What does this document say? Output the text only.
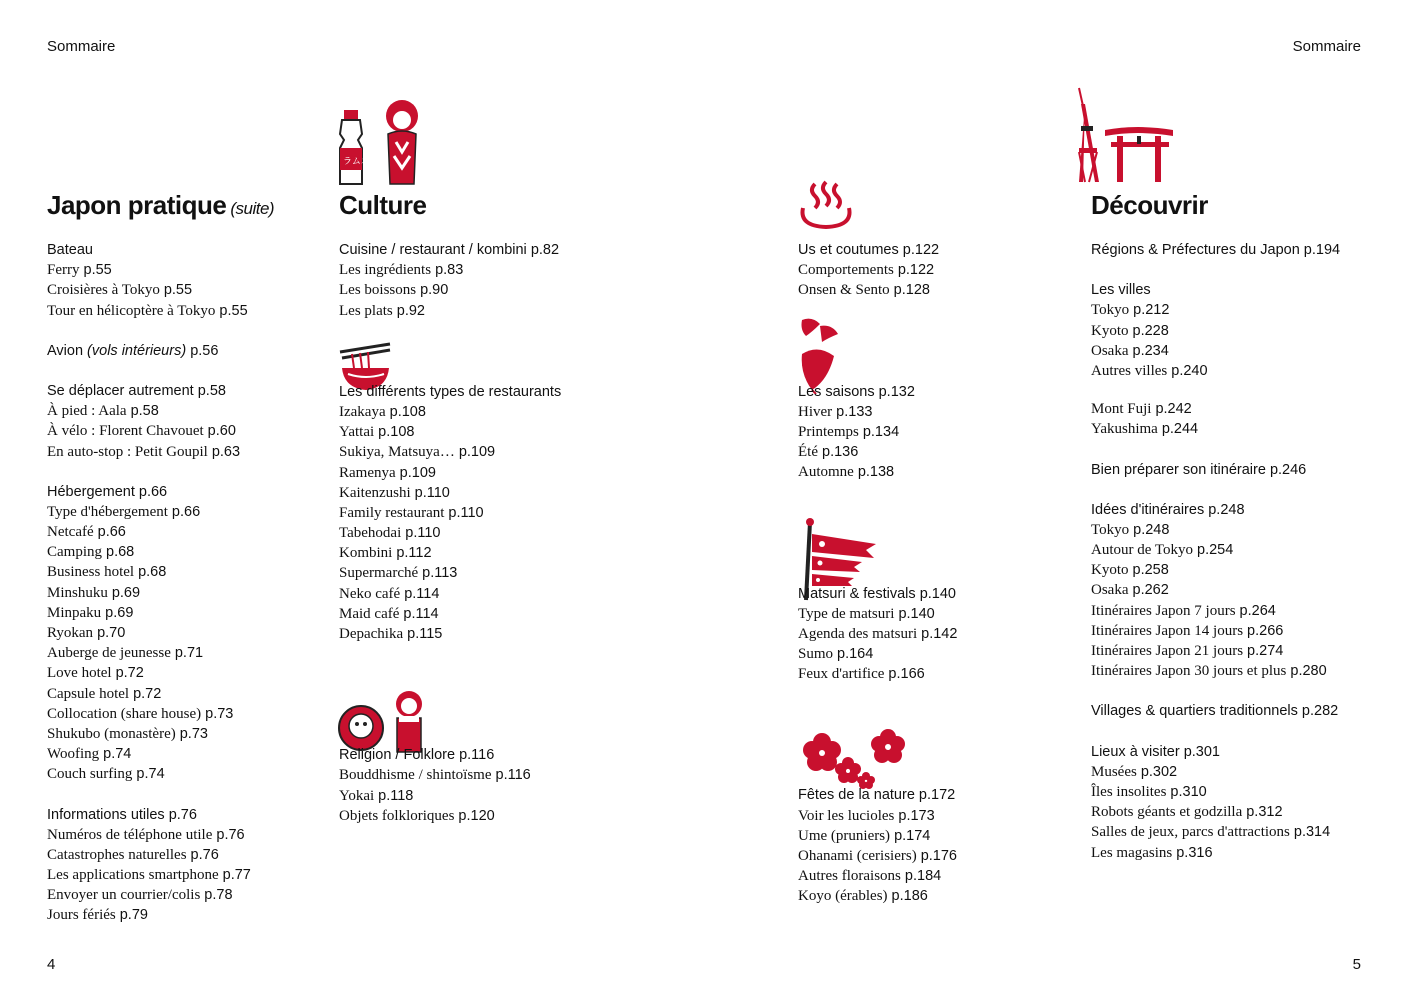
Sommaire	Sommaire
4	5
ラムネ
Japon pratique (suite)
Bateau
Ferry p.55
Croisières à Tokyo p.55
Tour en hélicoptère à Tokyo p.55
Avion (vols intérieurs) p.56
Se déplacer autrement p.58
À pied : Aala p.58
À vélo : Florent Chavouet p.60
En auto-stop : Petit Goupil p.63
Hébergement p.66
Type d'hébergement p.66
Netcafé p.66
Camping p.68
Business hotel p.68
Minshuku p.69
Minpaku p.69
Ryokan p.70
Auberge de jeunesse p.71
Love hotel p.72
Capsule hotel p.72
Collocation (share house) p.73
Shukubo (monastère) p.73
Woofing p.74
Couch surfing p.74
Informations utiles p.76
Numéros de téléphone utile p.76
Catastrophes naturelles p.76
Les applications smartphone p.77
Envoyer un courrier/colis p.78
Jours fériés p.79
Culture
Cuisine / restaurant / kombini p.82
Les ingrédients p.83
Les boissons p.90
Les plats p.92
Les différents types de restaurants
Izakaya p.108
Yattai p.108
Sukiya, Matsuya… p.109
Ramenya p.109
Kaitenzushi p.110
Family restaurant p.110
Tabehodai p.110
Kombini p.112
Supermarché p.113
Neko café p.114
Maid café p.114
Depachika p.115
Religion / Folklore p.116
Bouddhisme / shintoïsme p.116
Yokai p.118
Objets folkloriques p.120
Us et coutumes p.122
Comportements p.122
Onsen & Sento p.128
Les saisons p.132
Hiver p.133
Printemps p.134
Été p.136
Automne p.138
Matsuri & festivals p.140
Type de matsuri p.140
Agenda des matsuri p.142
Sumo p.164
Feux d'artifice p.166
Fêtes de la nature p.172
Voir les lucioles p.173
Ume (pruniers) p.174
Ohanami (cerisiers) p.176
Autres floraisons p.184
Koyo (érables) p.186
Découvrir
Régions & Préfectures du Japon p.194
Les villes
Tokyo p.212
Kyoto p.228
Osaka p.234
Autres villes p.240
Mont Fuji p.242
Yakushima p.244
Bien préparer son itinéraire p.246
Idées d'itinéraires p.248
Tokyo p.248
Autour de Tokyo p.254
Kyoto p.258
Osaka p.262
Itinéraires Japon 7 jours p.264
Itinéraires Japon 14 jours p.266
Itinéraires Japon 21 jours p.274
Itinéraires Japon 30 jours et plus p.280
Villages & quartiers traditionnels p.282
Lieux à visiter p.301
Musées p.302
Îles insolites p.310
Robots géants et godzilla p.312
Salles de jeux, parcs d'attractions p.314
Les magasins p.316
